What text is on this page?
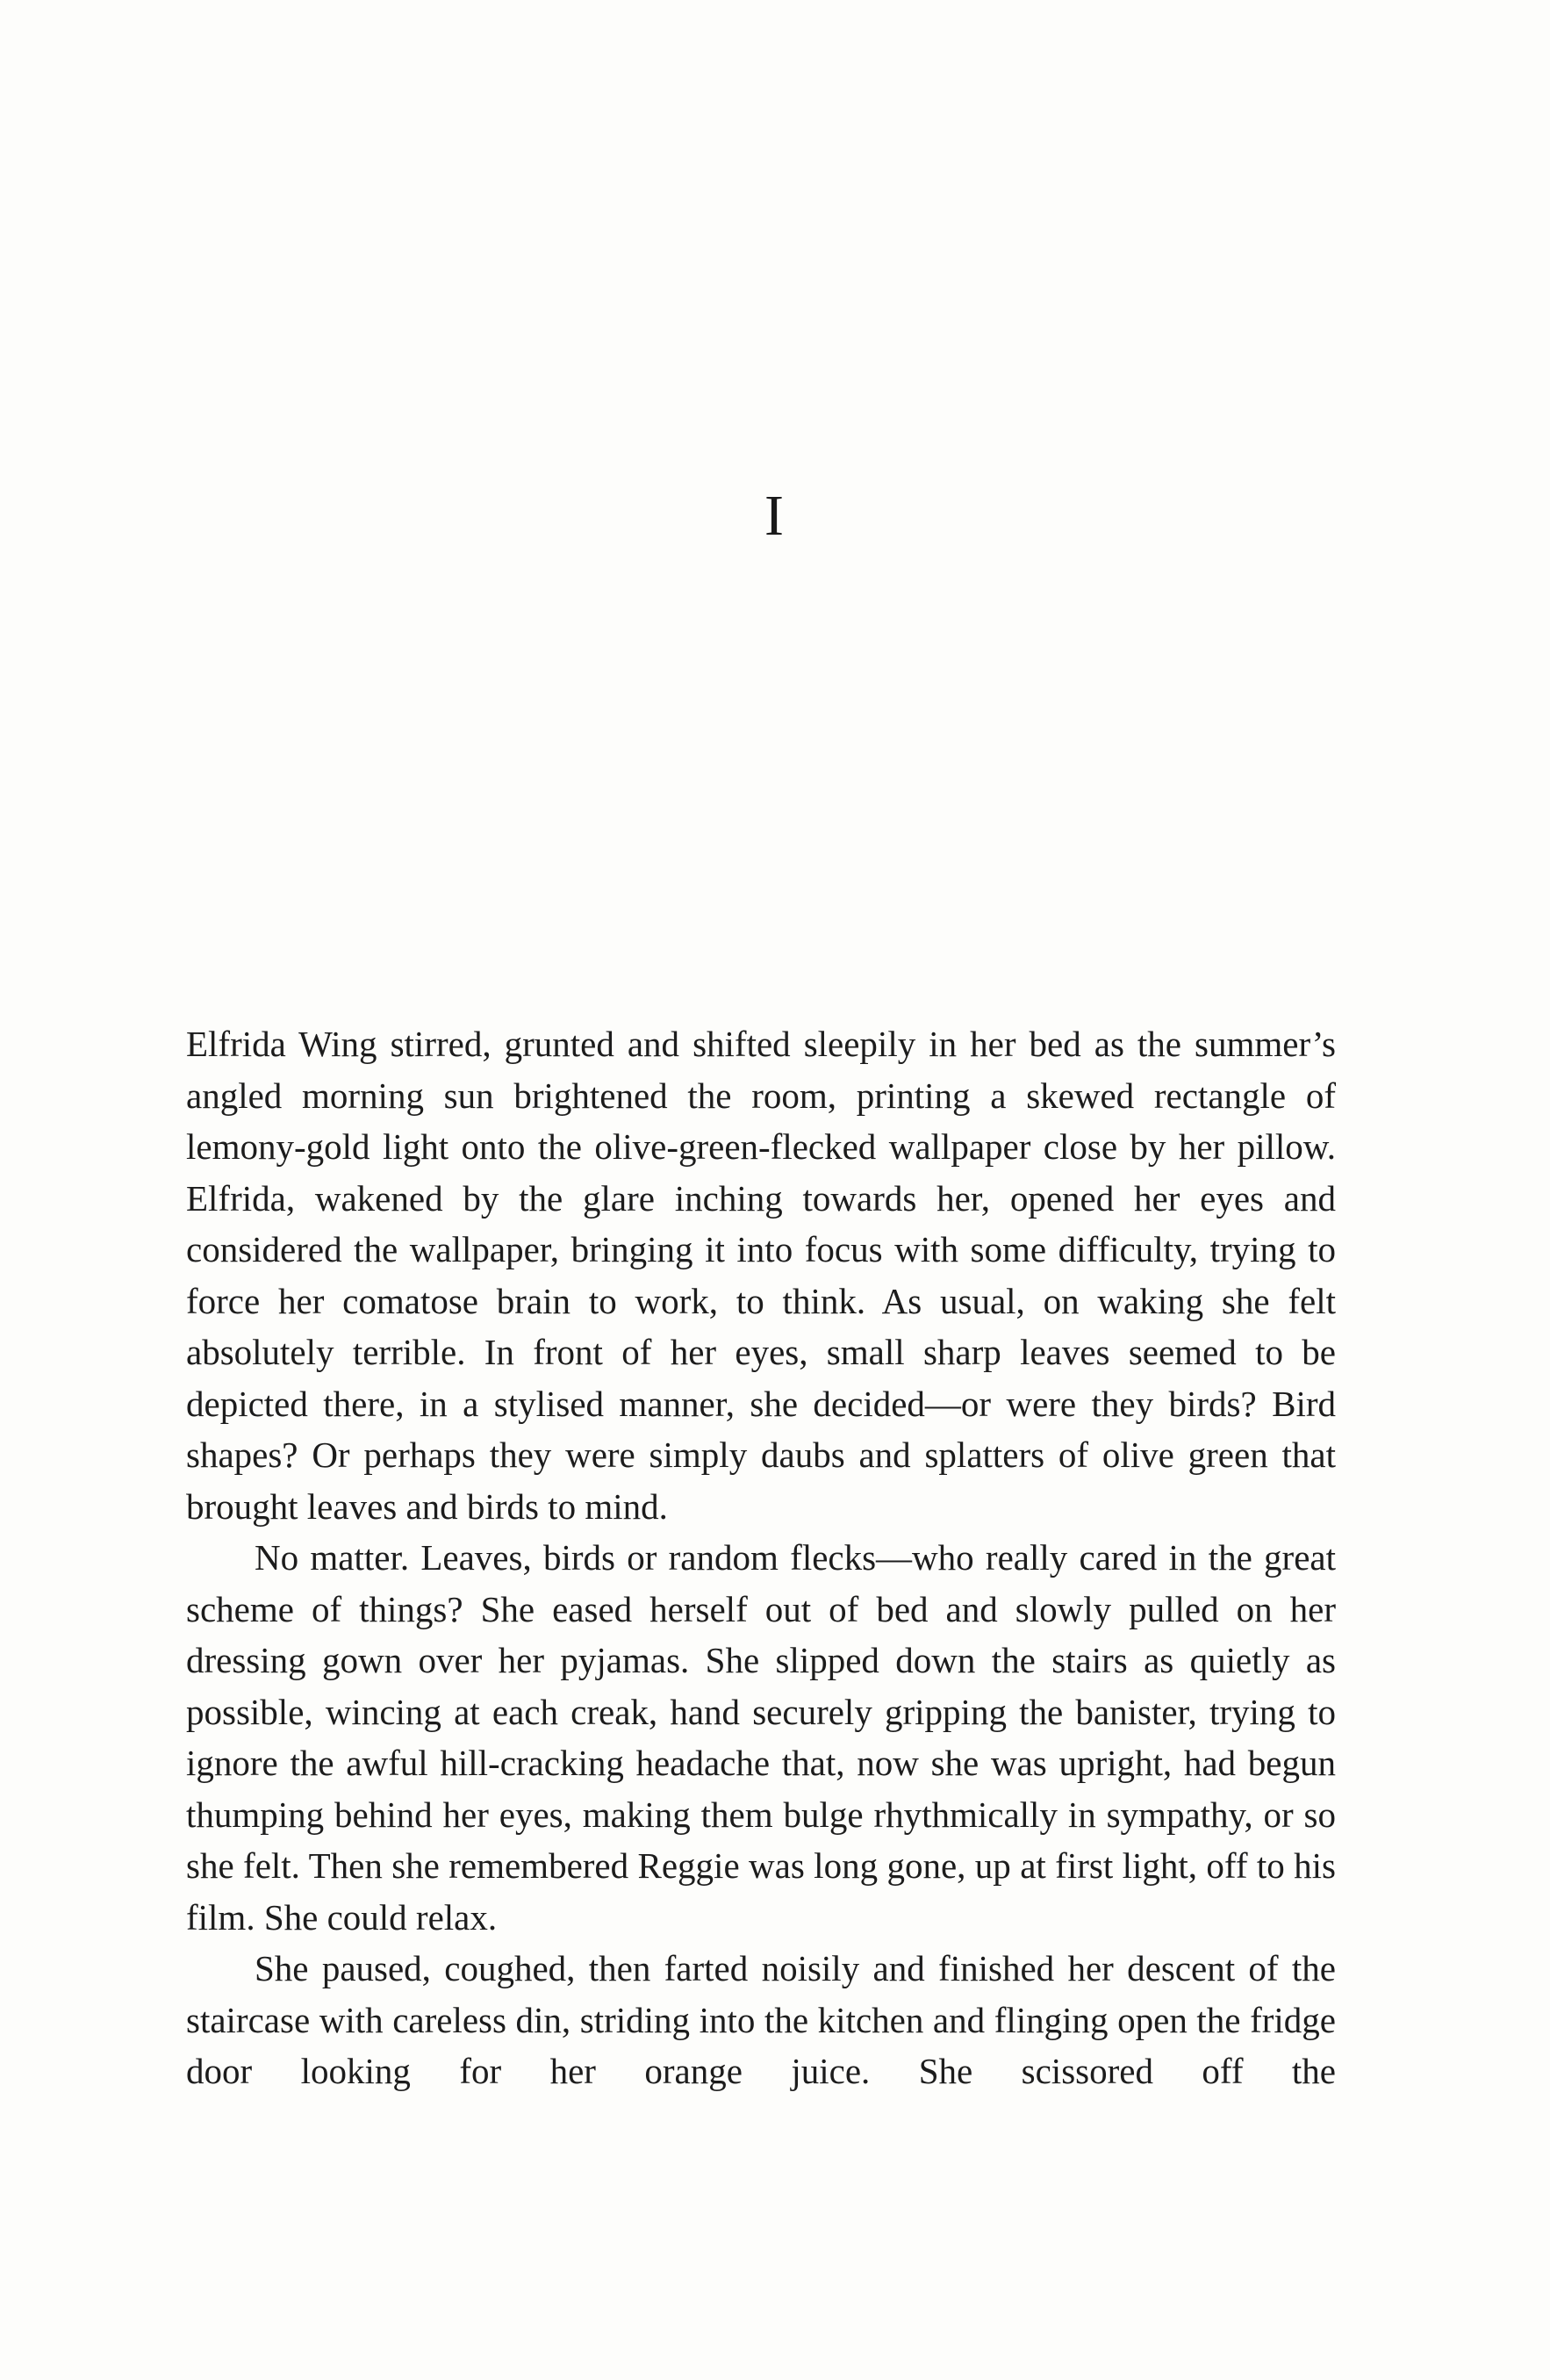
I

Elfrida Wing stirred, grunted and shifted sleepily in her bed as the summer’s angled morning sun brightened the room, printing a skewed rectangle of lemony-gold light onto the olive-green-flecked wallpaper close by her pillow. Elfrida, wakened by the glare inching towards her, opened her eyes and considered the wallpaper, bringing it into focus with some difficulty, trying to force her comatose brain to work, to think. As usual, on waking she felt absolutely terrible. In front of her eyes, small sharp leaves seemed to be depicted there, in a stylised manner, she decided—or were they birds? Bird shapes? Or perhaps they were simply daubs and splatters of olive green that brought leaves and birds to mind.

No matter. Leaves, birds or random flecks—who really cared in the great scheme of things? She eased herself out of bed and slowly pulled on her dressing gown over her pyjamas. She slipped down the stairs as quietly as possible, wincing at each creak, hand securely gripping the banister, trying to ignore the awful hill-cracking headache that, now she was upright, had begun thumping behind her eyes, making them bulge rhythmically in sympathy, or so she felt. Then she remembered Reggie was long gone, up at first light, off to his film. She could relax.

She paused, coughed, then farted noisily and finished her descent of the staircase with careless din, striding into the kitchen and flinging open the fridge door looking for her orange juice. She scissored off the
